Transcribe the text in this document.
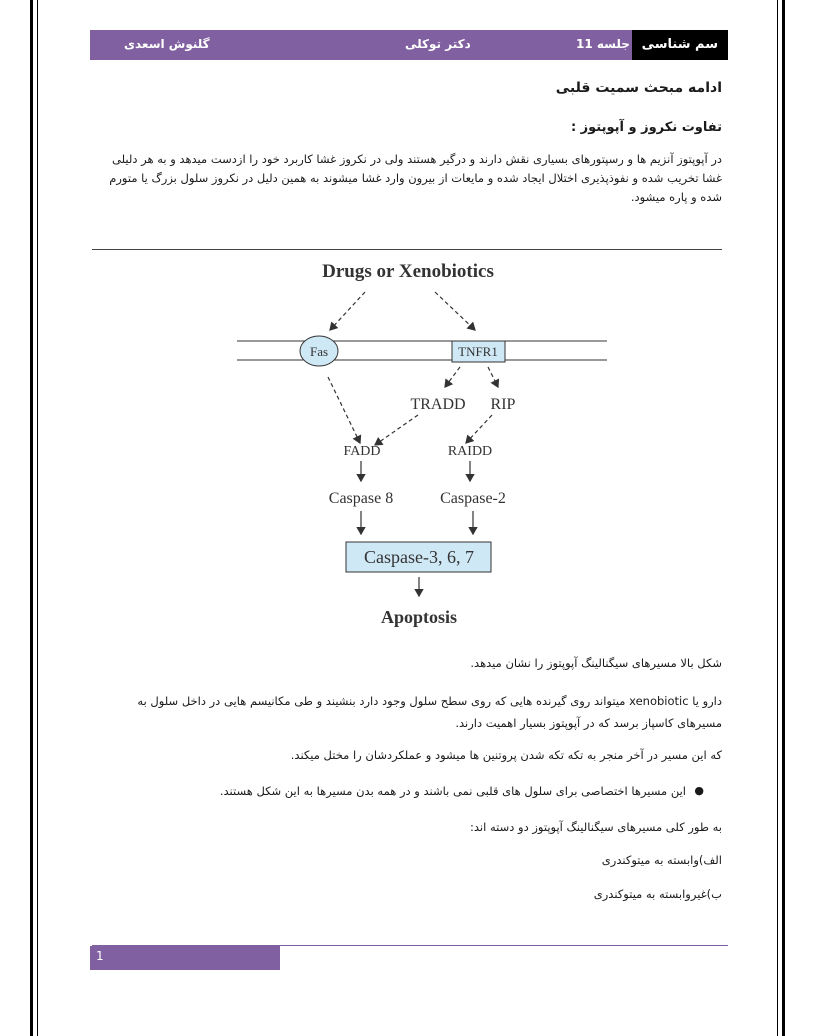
سم شناسی
جلسه 11
دکتر توکلی
گلنوش اسعدی
ادامه مبحث سمیت قلبی
تفاوت نکروز و آپوپتوز :
در آپوپتوز آنزیم ها و رسپتورهای بسیاری نقش دارند و درگیر هستند ولی در نکروز غشا کاربرد خود را ازدست میدهد و به هر دلیلی غشا تخریب شده و نفوذپذیری اختلال ایجاد شده و مایعات از بیرون وارد غشا میشوند به همین دلیل در نکروز سلول بزرگ یا متورم شده و پاره میشود.
Drugs or Xenobiotics
Fas	TNFR1
TRADD RIP
FADD	RAIDD
Caspase 8	Caspase-2
Caspase-3, 6, 7
Apoptosis
شکل بالا مسیرهای سیگنالینگ آپوپتوز را نشان میدهد.
دارو یا xenobiotic میتواند روی گیرنده هایی که روی سطح سلول وجود دارد بنشیند و طی مکانیسم هایی در داخل سلول به مسیرهای کاسپاز برسد که در آپوپتوز بسیار اهمیت دارند.
که این مسیر در آخر منجر به تکه تکه شدن پروتنین ها میشود و عملکردشان را مختل میکند.
●
این مسیرها اختصاصی برای سلول های قلبی نمی باشند و در همه بدن مسیرها به این شکل هستند.
به طور کلی مسیرهای سیگنالینگ آپوپتوز دو دسته اند:
الف)وابسته به میتوکندری
ب)غیروابسته به میتوکندری
1
